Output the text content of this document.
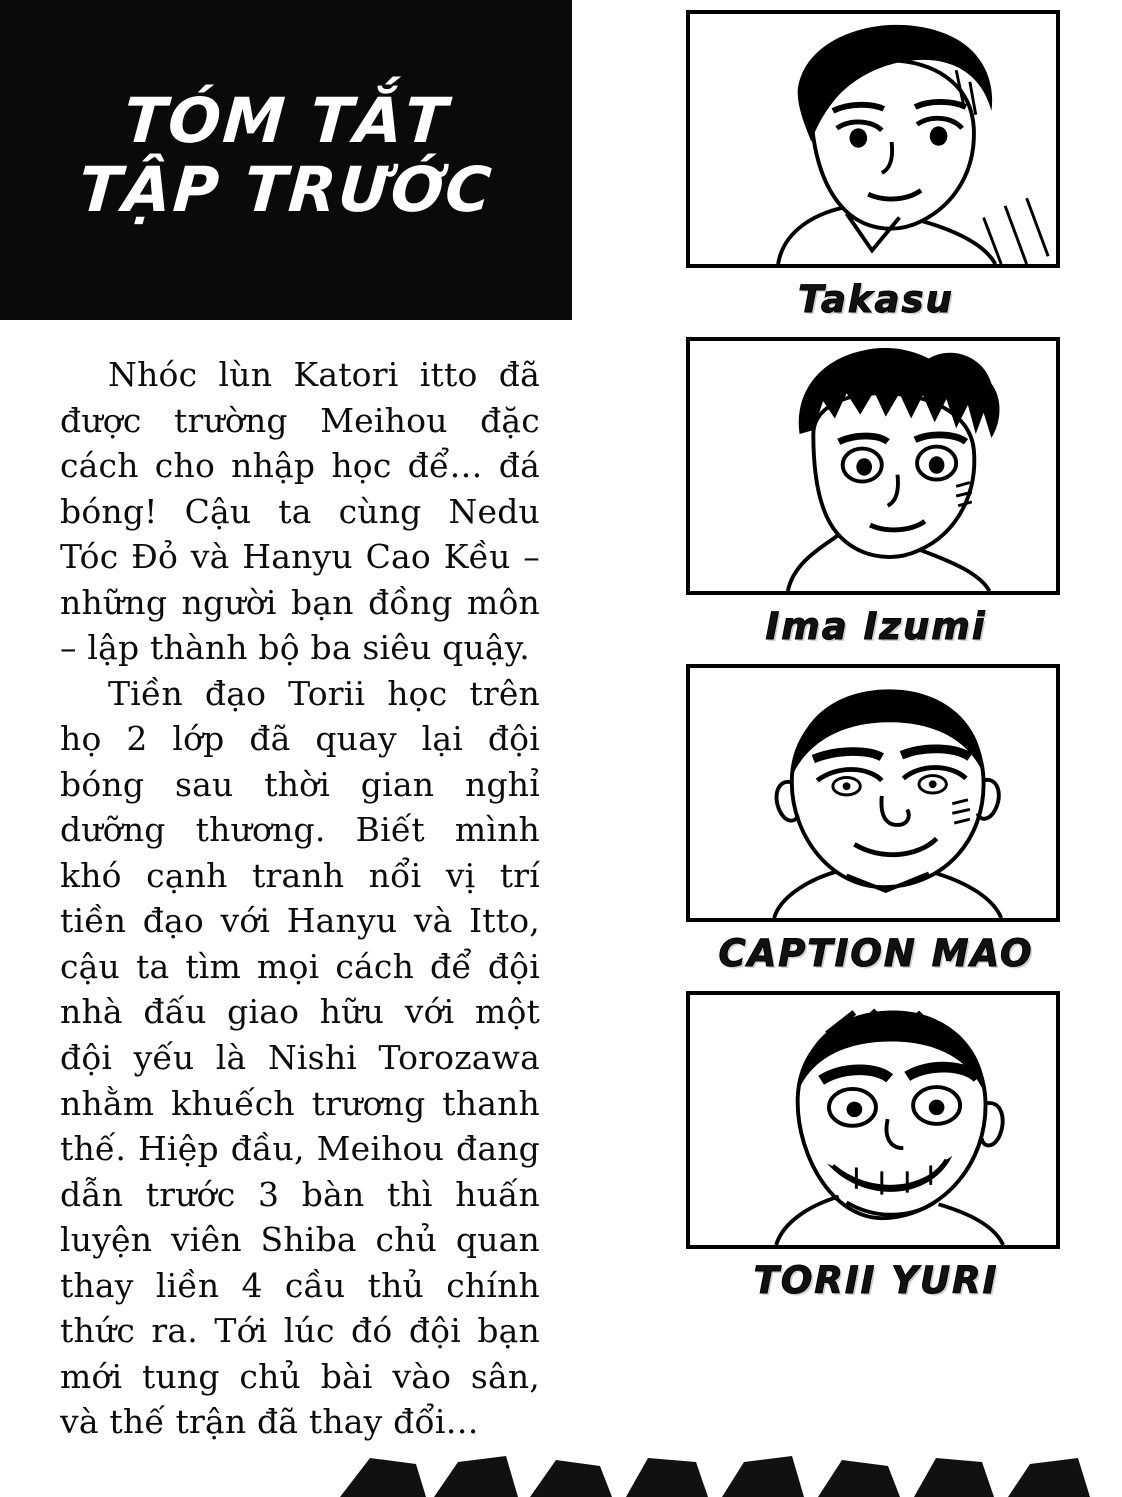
TÓM TẮT
TẬP TRƯỚC

Nhóc lùn Katori itto đã được trường Meihou đặc cách cho nhập học để… đá bóng! Cậu ta cùng Nedu Tóc Đỏ và Hanyu Cao Kều – những người bạn đồng môn – lập thành bộ ba siêu quậy.

Tiền đạo Torii học trên họ 2 lớp đã quay lại đội bóng sau thời gian nghỉ dưỡng thương. Biết mình khó cạnh tranh nổi vị trí tiền đạo với Hanyu và Itto, cậu ta tìm mọi cách để đội nhà đấu giao hữu với một đội yếu là Nishi Torozawa nhằm khuếch trương thanh thế. Hiệp đầu, Meihou đang dẫn trước 3 bàn thì huấn luyện viên Shiba chủ quan thay liền 4 cầu thủ chính thức ra. Tới lúc đó đội bạn mới tung chủ bài vào sân, và thế trận đã thay đổi…

Takasu
Ima Izumi
CAPTION MAO
TORII YURI
